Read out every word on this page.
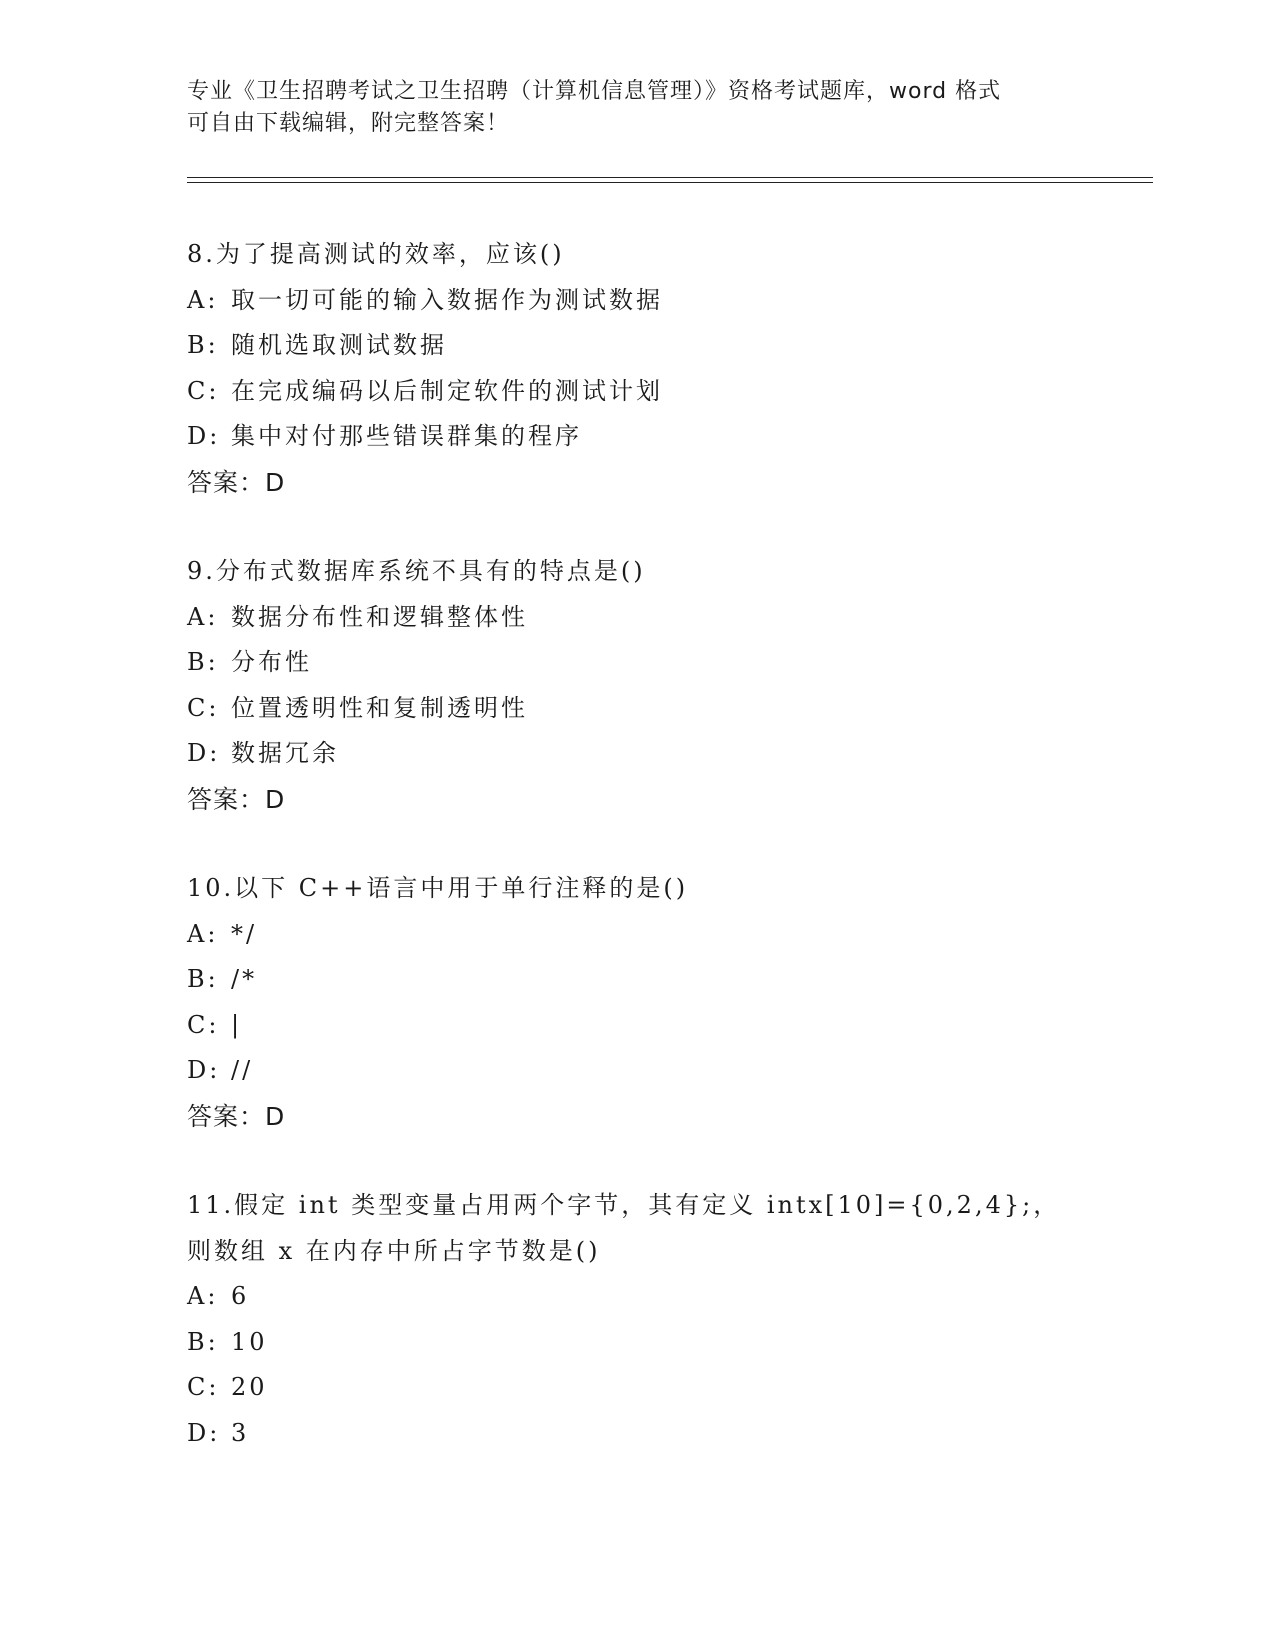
专业《卫生招聘考试之卫生招聘（计算机信息管理）》资格考试题库，word 格式
可自由下载编辑，附完整答案！
8.为了提高测试的效率，应该()
A: 取一切可能的输入数据作为测试数据
B: 随机选取测试数据
C: 在完成编码以后制定软件的测试计划
D: 集中对付那些错误群集的程序
答案：D
9.分布式数据库系统不具有的特点是()
A: 数据分布性和逻辑整体性
B: 分布性
C: 位置透明性和复制透明性
D: 数据冗余
答案：D
10.以下 C++语言中用于单行注释的是()
A: */
B: /*
C: |
D: //
答案：D
11.假定 int 类型变量占用两个字节，其有定义 intx[10]={0,2,4};，
则数组 x 在内存中所占字节数是()
A: 6
B: 10
C: 20
D: 3
